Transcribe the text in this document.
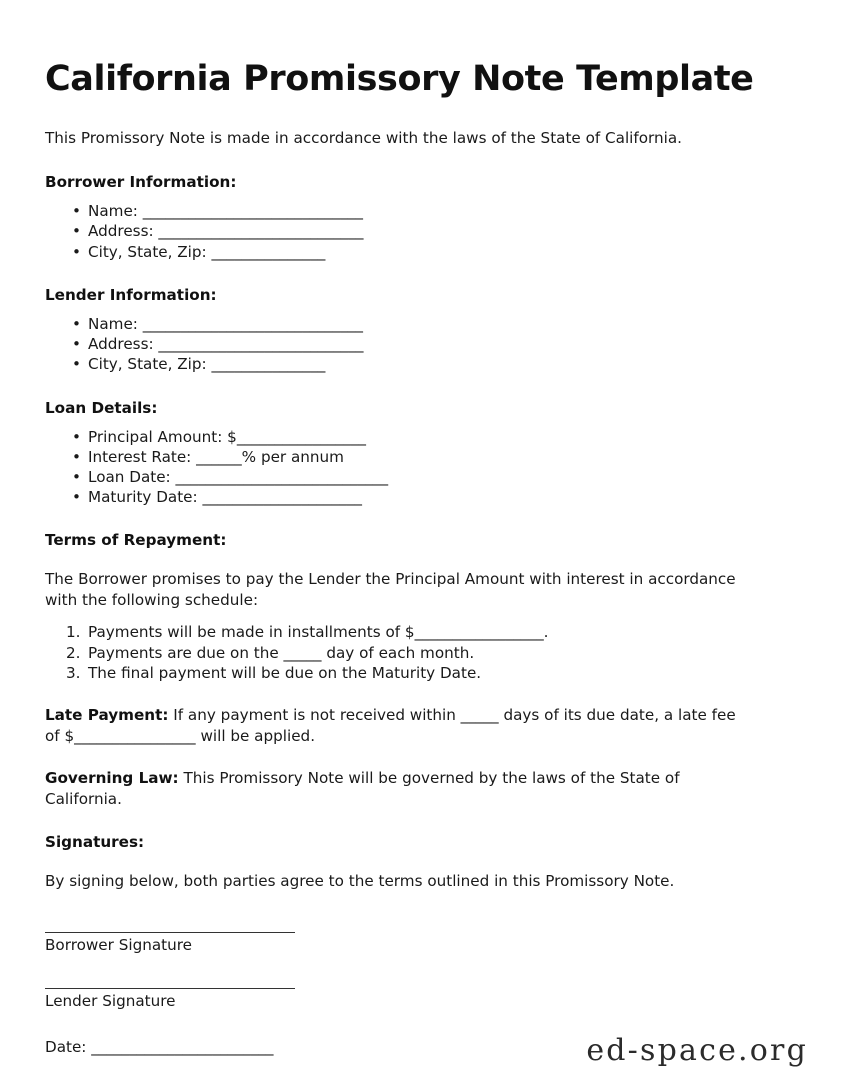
California Promissory Note Template

This Promissory Note is made in accordance with the laws of the State of California.

Borrower Information:
• Name: _____________________________
• Address: ___________________________
• City, State, Zip: _______________
Lender Information:
• Name: _____________________________
• Address: ___________________________
• City, State, Zip: _______________
Loan Details:
• Principal Amount: $_________________
• Interest Rate: ______% per annum
• Loan Date: ____________________________
• Maturity Date: _____________________
Terms of Repayment:

The Borrower promises to pay the Lender the Principal Amount with interest in accordance with the following schedule:

Payments will be made in installments of $_________________.
Payments are due on the _____ day of each month.
The final payment will be due on the Maturity Date.

Late Payment: If any payment is not received within _____ days of its due date, a late fee of $________________ will be applied.

Governing Law: This Promissory Note will be governed by the laws of the State of California.

Signatures:

By signing below, both parties agree to the terms outlined in this Promissory Note.

Borrower Signature
Lender Signature

Date: ________________________	ed-space.org
